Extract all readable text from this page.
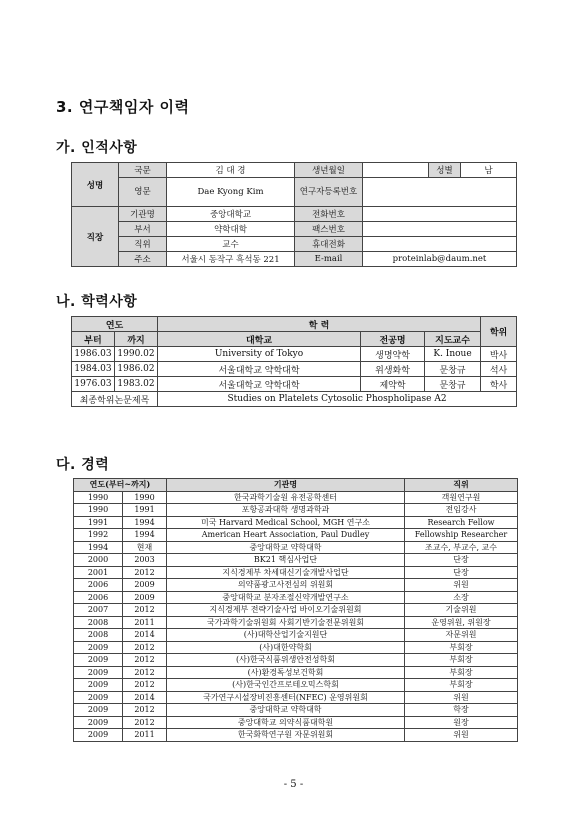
3. 연구책임자 이력
가. 인적사항
성명	국문	김 대 경	생년월일		성별	남
	영문	Dae Kyong Kim	연구자등록번호			
직장	기관명	중앙대학교	전화번호			
	부서	약학대학	팩스번호			
	직위	교수	휴대전화			
	주소	서울시 동작구 흑석동 221	E-mail	proteinlab@daum.net		
나. 학력사항
연도		학 력			학위
부터	까지	대학교	전공명	지도교수	
1986.03	1990.02	University of Tokyo	생명약학	K. Inoue	박사
1984.03	1986.02	서울대학교 약학대학	위생화학	문창규	석사
1976.03	1983.02	서울대학교 약학대학	제약학	문창규	학사
최종학위논문제목		Studies on Platelets Cytosolic Phospholipase A2			
다. 경력
연도(부터~까지)		기관명	직위
1990	1990	한국과학기술원 유전공학센터	객원연구원
1990	1991	포항공과대학 생명과학과	전임강사
1991	1994	미국 Harvard Medical School, MGH 연구소	Research Fellow
1992	1994	American Heart Association, Paul Dudley	Fellowship Researcher
1994	현재	중앙대학교 약학대학	조교수, 부교수, 교수
2000	2003	BK21 핵심사업단	단장
2001	2012	지식경제부 차세대신기술개발사업단	단장
2006	2009	의약품광고사전심의 위원회	위원
2006	2009	중앙대학교 분자조절신약개발연구소	소장
2007	2012	지식경제부 전략기술사업 바이오기술위원회	기술위원
2008	2011	국가과학기술위원회 사회기반기술전문위원회	운영위원, 위원장
2008	2014	(사)대학산업기술지원단	자문위원
2009	2012	(사)대한약학회	부회장
2009	2012	(사)한국식품위생안전성학회	부회장
2009	2012	(사)환경독성보건학회	부회장
2009	2012	(사)한국인간프로테오믹스학회	부회장
2009	2014	국가연구시설장비진흥센터(NFEC) 운영위원회	위원
2009	2012	중앙대학교 약학대학	학장
2009	2012	중앙대학교 의약식품대학원	원장
2009	2011	한국화학연구원 자문위원회	위원
- 5 -
